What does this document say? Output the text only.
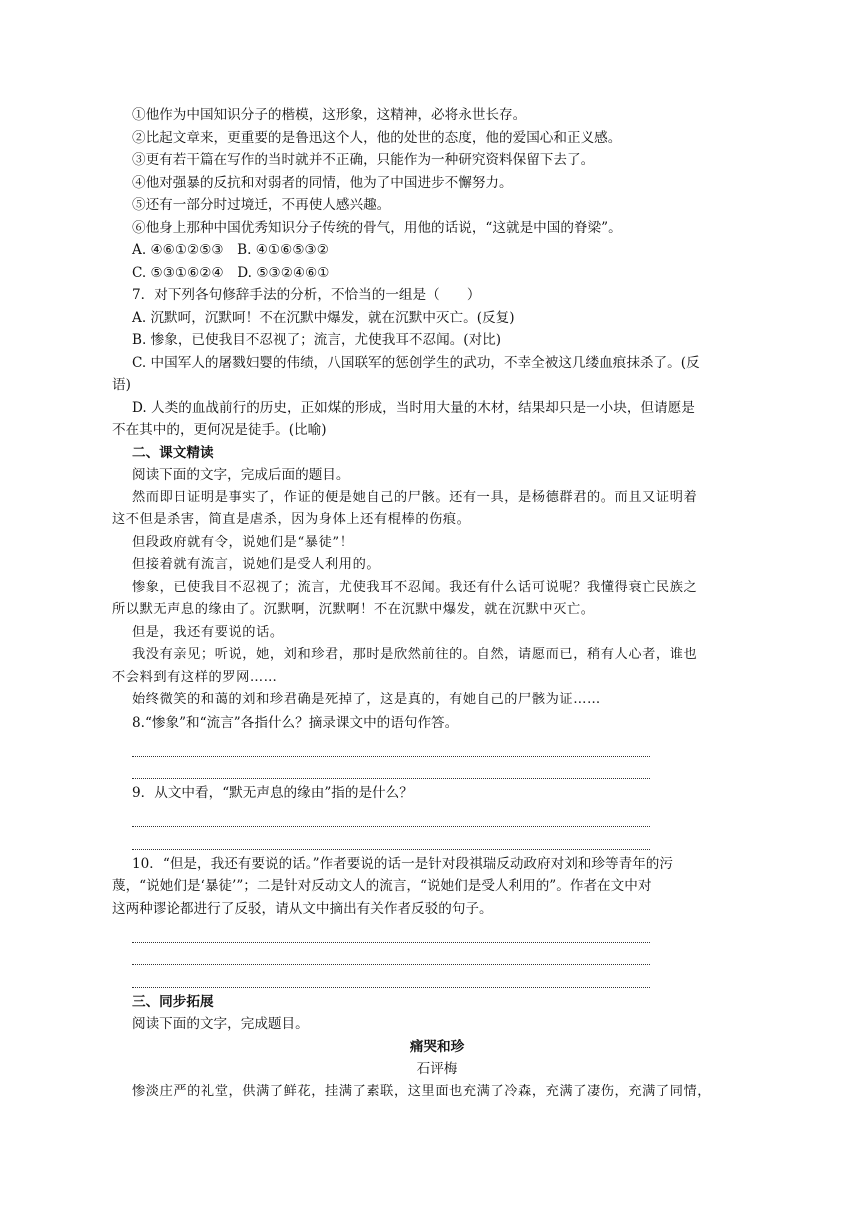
①他作为中国知识分子的楷模，这形象，这精神，必将永世长存。
②比起文章来，更重要的是鲁迅这个人，他的处世的态度，他的爱国心和正义感。
③更有若干篇在写作的当时就并不正确，只能作为一种研究资料保留下去了。
④他对强暴的反抗和对弱者的同情，他为了中国进步不懈努力。
⑤还有一部分时过境迁，不再使人感兴趣。
⑥他身上那种中国优秀知识分子传统的骨气，用他的话说，“这就是中国的脊梁”。
A. ④⑥①②⑤③　B. ④①⑥⑤③②
C. ⑤③①⑥②④　D. ⑤③②④⑥①
7．对下列各句修辞手法的分析，不恰当的一组是（　　）
A. 沉默呵，沉默呵！不在沉默中爆发，就在沉默中灭亡。(反复)
B. 惨象，已使我目不忍视了；流言，尤使我耳不忍闻。(对比)
C. 中国军人的屠戮妇婴的伟绩，八国联军的惩创学生的武功，不幸全被这几缕血痕抹杀了。(反
语)
D. 人类的血战前行的历史，正如煤的形成，当时用大量的木材，结果却只是一小块，但请愿是
不在其中的，更何况是徒手。(比喻)
二、课文精读
阅读下面的文字，完成后面的题目。
然而即日证明是事实了，作证的便是她自己的尸骸。还有一具，是杨德群君的。而且又证明着
这不但是杀害，简直是虐杀，因为身体上还有棍棒的伤痕。
但段政府就有令，说她们是“暴徒”！
但接着就有流言，说她们是受人利用的。
惨象，已使我目不忍视了；流言，尤使我耳不忍闻。我还有什么话可说呢？我懂得衰亡民族之
所以默无声息的缘由了。沉默啊，沉默啊！不在沉默中爆发，就在沉默中灭亡。
但是，我还有要说的话。
我没有亲见；听说，她，刘和珍君，那时是欣然前往的。自然，请愿而已，稍有人心者，谁也
不会料到有这样的罗网……
始终微笑的和蔼的刘和珍君确是死掉了，这是真的，有她自己的尸骸为证……
8.“惨象”和“流言”各指什么？摘录课文中的语句作答。
9．从文中看，“默无声息的缘由”指的是什么？
10．“但是，我还有要说的话。”作者要说的话一是针对段祺瑞反动政府对刘和珍等青年的污
蔑，“说她们是‘暴徒’”；二是针对反动文人的流言，“说她们是受人利用的”。作者在文中对
这两种谬论都进行了反驳，请从文中摘出有关作者反驳的句子。
三、同步拓展
阅读下面的文字，完成题目。
痛哭和珍
石评梅
惨淡庄严的礼堂，供满了鲜花，挂满了素联，这里面也充满了冷森，充满了凄伤，充满了同情，
